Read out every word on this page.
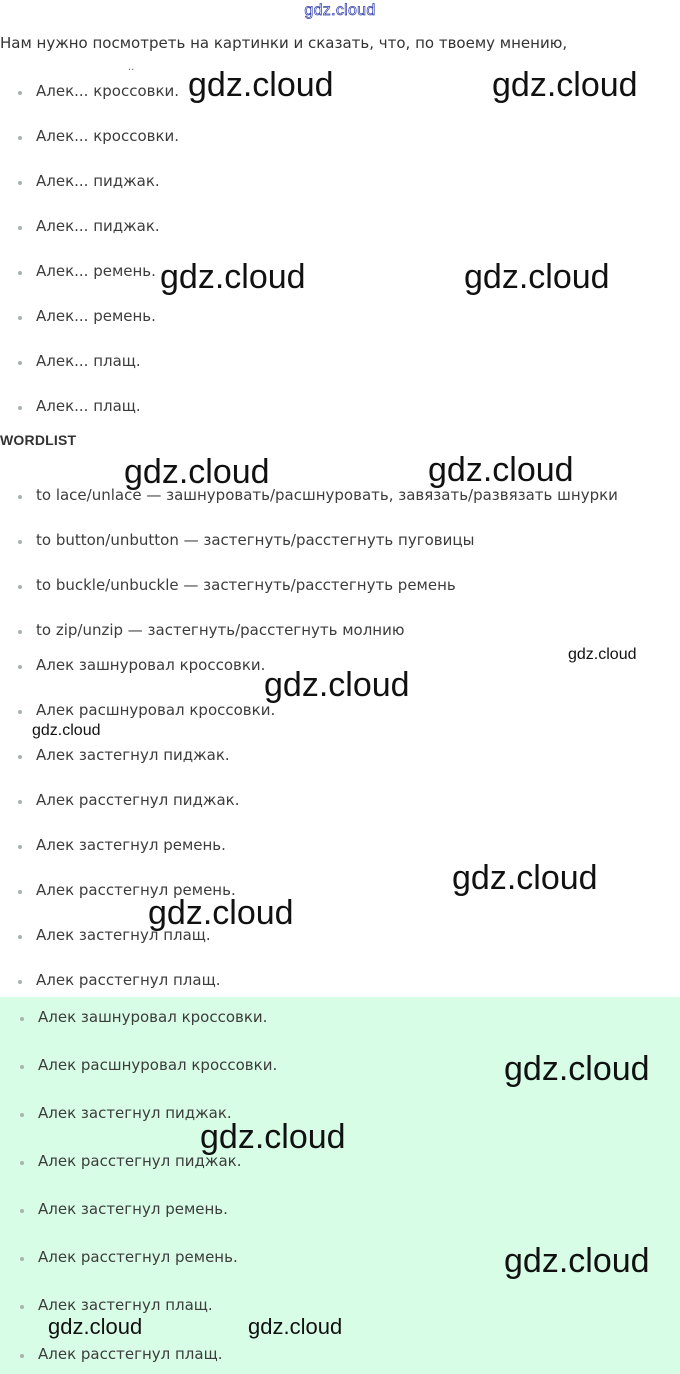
gdz.cloud
Нам нужно посмотреть на картинки и сказать, что, по твоему мнению,
..
Алек... кроссовки.
Алек... кроссовки.
Алек... пиджак.
Алек... пиджак.
Алек... ремень.
Алек... ремень.
Алек... плащ.
Алек... плащ.
WORDLIST
to lace/unlace — зашнуровать/расшнуровать, завязать/развязать шнурки
to button/unbutton — застегнуть/расстегнуть пуговицы
to buckle/unbuckle — застегнуть/расстегнуть ремень
to zip/unzip — застегнуть/расстегнуть молнию
Алек зашнуровал кроссовки.
Алек расшнуровал кроссовки.
Алек застегнул пиджак.
Алек расстегнул пиджак.
Алек застегнул ремень.
Алек расстегнул ремень.
Алек застегнул плащ.
Алек расстегнул плащ.
Алек зашнуровал кроссовки.
Алек расшнуровал кроссовки.
Алек застегнул пиджак.
Алек расстегнул пиджак.
Алек застегнул ремень.
Алек расстегнул ремень.
Алек застегнул плащ.
Алек расстегнул плащ.
gdz.cloud	gdz.cloud
gdz.cloud	gdz.cloud
gdz.cloud	gdz.cloud
gdz.cloud
gdz.cloud
gdz.cloud
gdz.cloud
gdz.cloud
gdz.cloud
gdz.cloud
gdz.cloud
gdz.cloud	gdz.cloud
